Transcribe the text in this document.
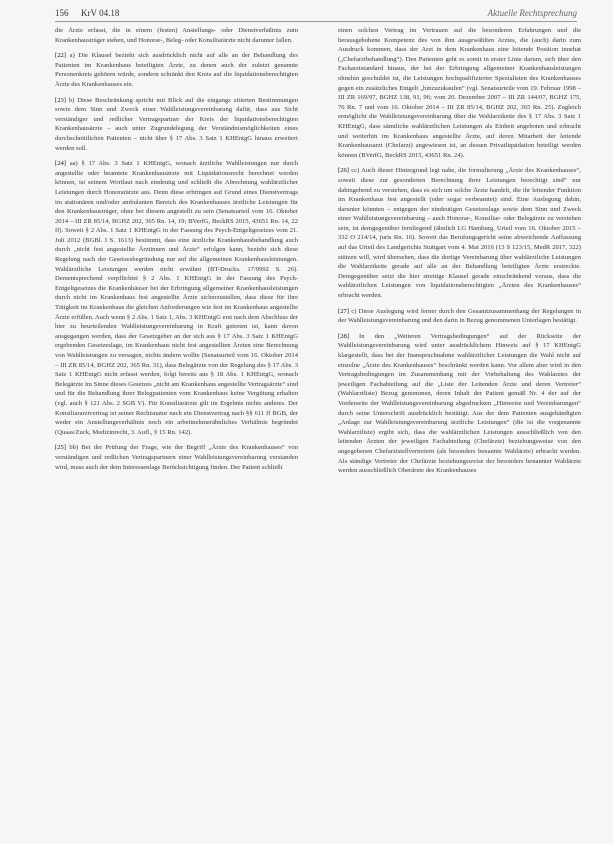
156 KrV 04.18	Aktuelle Rechtsprechung

die Ärzte erfasst, die in einem (festen) Anstellungs- oder Dienstverhältnis zum Krankenhausträger stehen, und Honorar-, Beleg- oder Konsiliarärzte nicht darunter fallen.

[22] a) Die Klausel bezieht sich ausdrücklich nicht auf alle an der Behandlung des Patienten im Krankenhaus beteiligten Ärzte, zu denen auch der zuletzt genannte Personenkreis gehören würde, sondern schränkt den Kreis auf die liquidationsberechtigten Ärzte des Krankenhauses ein.

[23] b) Diese Beschränkung spricht mit Blick auf die eingangs zitierten Bestimmungen sowie dem Sinn und Zweck einer Wahlleistungsvereinbarung dafür, dass aus Sicht verständiger und redlicher Vertragspartner der Kreis der liquidationsberechtigten Krankenhausärzte – auch unter Zugrundelegung der Verständnismöglichkeiten eines durchschnittlichen Patienten – nicht über § 17 Abs. 3 Satz 1 KHEntgG hinaus erweitert werden soll.

[24] aa) § 17 Abs. 3 Satz 1 KHEntgG, wonach ärztliche Wahlleistungen nur durch angestellte oder beamtete Krankenhausärzte mit Liquidationsrecht berechnet werden können, ist seinem Wortlaut nach eindeutig und schließt die Abrechnung wahlärztlicher Leistungen durch Honorarärzte aus. Denn diese erbringen auf Grund eines Dienstvertrags im stationären und/oder ambulanten Bereich des Krankenhauses ärztliche Leistungen für den Krankenhausträger, ohne bei diesem angestellt zu sein (Senatsurteil vom 16. Oktober 2014 – III ZR 85/14, BGHZ 202, 365 Rn. 14, 19; BVerfG, BeckRS 2015, 43651 Rn. 14, 22 ff). Soweit § 2 Abs. 1 Satz 1 KHEntgG in der Fassung des Psych-Entgeltgesetzes vom 21. Juli 2012 (BGBl. I S. 1613) bestimmt, dass eine ärztliche Krankenhausbehandlung auch durch „nicht fest angestellte Ärztinnen und Ärzte“ erfolgen kann, bezieht sich diese Regelung nach der Gesetzesbegründung nur auf die allgemeinen Krankenhausleistungen. Wahlärztliche Leistungen werden nicht erwähnt (BT-Drucks. 17/9992 S. 26). Dementsprechend verpflichtet § 2 Abs. 1 KHEntgG in der Fassung des Psych-Entgeltgesetzes die Krankenhäuser bei der Erbringung allgemeiner Krankenhausleistungen durch nicht im Krankenhaus fest angestellte Ärzte sicherzustellen, dass diese für ihre Tätigkeit im Krankenhaus die gleichen Anforderungen wie fest im Krankenhaus angestellte Ärzte erfüllen. Auch wenn § 2 Abs. 1 Satz 1, Abs. 3 KHEntgG erst nach dem Abschluss der hier zu beurteilenden Wahlleistungsvereinbarung in Kraft getreten ist, kann davon ausgegangen werden, dass der Gesetzgeber an der sich aus § 17 Abs. 3 Satz 1 KHEntgG ergebenden Gesetzeslage, im Krankenhaus nicht fest angestellten Ärzten eine Berechnung von Wahlleistungen zu versagen, nichts ändern wollte (Senatsurteil vom 16. Oktober 2014 – III ZR 85/14, BGHZ 202, 365 Rn. 31), dass Belegärzte von der Regelung des § 17 Abs. 3 Satz 1 KHEntgG nicht erfasst werden, folgt bereits aus § 18 Abs. 1 KHEntgG, wonach Belegärzte im Sinne dieses Gesetzes „nicht am Krankenhaus angestellte Vertragsärzte“ sind und für die Behandlung ihrer Belegpatienten vom Krankenhaus keine Vergütung erhalten (vgl. auch § 121 Abs. 2 SGB V). Für Konsiliarärzte gilt im Ergebnis nichts anderes. Der Konsiliararztvertrag ist seiner Rechtsnatur nach ein Dienstvertrag nach §§ 611 ff BGB, der weder ein Anstellungsverhältnis noch ein arbeitnehmerähnliches Verhältnis begründet (Quaas/Zuck, Medizinrecht, 3. Aufl., § 15 Rn. 142).

[25] bb) Bei der Prüfung der Frage, wie der Begriff „Ärzte des Krankenhauses“ von verständigen und redlichen Vertragspartnern einer Wahlleistungsvereinbarung verstanden wird, muss auch der dem Interessenlage Berücksichtigung finden. Der Patient schließt

einen solchen Vertrag im Vertrauen auf die besonderen Erfahrungen und die herausgehobene Kompetenz des von ihm ausgewählten Arztes, die (auch) darin zum Ausdruck kommen, dass der Arzt in dem Krankenhaus eine leitende Position innehat („Chefarztbehandlung“). Den Patienten geht es somit in erster Linie darum, sich über den Facharztstandard hinaus, der bei der Erbringung allgemeiner Krankenhausleistungen ohnehin geschuldet ist, die Leistungen hochqualifizierter Spezialisten des Krankenhauses gegen ein zusätzliches Entgelt „hinzuzukaufen“ (vgl. Senatsurteile vom 19. Februar 1998 – III ZR 169/97, BGHZ 138, 91, 96; vom 20. Dezember 2007 – III ZR 144/07, BGHZ 175, 76 Rn. 7 und vom 16. Oktober 2014 – III ZR 85/14, BGHZ 202, 365 Rn. 25). Zugleich ermöglicht die Wahlleistungsvereinbarung über die Wahlarztkette des § 17 Abs. 3 Satz 1 KHEntgG, dass sämtliche wahlärztlichen Leistungen als Einheit angeboten und erbracht und weiterhin im Krankenhaus angestellte Ärzte, auf deren Mitarbeit der leitende Krankenhausarzt (Chefarzt) angewiesen ist, an dessen Privatliquidation beteiligt werden können (BVerfG, BeckRS 2015, 43651 Rn. 24).

[26] cc) Auch dieser Hintergrund legt nahe, die formulierung „Ärzte des Krankenhauses“, soweit diese zur gesonderten Berechnung ihrer Leistungen berechtigt sind“ nur dahingehend zu verstehen, dass es sich um solche Ärzte handelt, die ihr leitender Funktion im Krankenhaus fest angestellt (oder sogar verbeamtet) sind. Eine Auslegung dahin, darunter könnten – entgegen der eindeutigen Gesetzeslage sowie dem Sinn und Zweck einer Wahlleistungsvereinbarung – auch Honorar-, Konsiliar- oder Belegärzte zu verstehen sein, ist demgegenüber fernliegend (ähnlich LG Hamburg, Urteil vom 16. Oktober 2015 – 332 O 214/14, juris Rn. 16). Soweit das Berufungsgericht seine abweichende Auffassung auf das Urteil des Landgerichts Stuttgart vom 4. Mai 2016 (13 S 123/15, MedR 2017, 322) stützen will, wird übersehen, dass die dortige Vereinbarung über wahlärztliche Leistungen die Wahlarztkette gerade auf alle an der Behandlung beteiligten Ärzte erstreckte. Demgegenüber setzt die hier streitige Klausel gerade einschränkend voraus, dass die wahlärztlichen Leistungen von liquidationsberechtigten „Ärzten des Krankenhauses“ erbracht werden.

[27] c) Diese Auslegung wird ferner durch den Gesamtzusammenhang der Regelungen in der Wahlleistungsvereinbarung und den darin in Bezug genommenen Unterlagen bestätigt.

[28] In den „Weiteren Vertragsbedingungen“ auf der Rückseite der Wahlleistungsvereinbarung wird unter ausdrücklichem Hinweis auf § 17 KHEntgG klargestellt, dass bei der Inanspruchnahme wahlärztlicher Leistungen die Wahl nicht auf einzelne „Ärzte des Krankenhauses“ beschränkt werden kann. Vor allem aber wird in den Vertragsbedingungen im Zusammenhang mit der Vorbehaltung des Wahlarztes der jeweiligen Fachabteilung auf die „Liste der Leitenden Ärzte und deren Vertreter“ (Wahlarztliste) Bezug genommen, deren Inhalt der Patient gemäß Nr. 4 der auf der Vorderseite der Wahlleistungsvereinbarung abgedruckten „Hinweise und Vereinbarungen“ durch seine Unterschrift ausdrücklich bestätigt. Aus der dem Patienten ausgehändigten „Anlage zur Wahlleistungsvereinbarung ärztliche Leistungen“ (die ist die vorgenannte Wahlarztliste) ergibt sich, dass die wahlärztlichen Leistungen ausschließlich von den leitenden Ärzten der jeweiligen Fachabteilung (Chefärzte) beziehungsweise von den angegebenen Chefarztstellvertretern (als besonders benannte Wahlärzte) erbracht werden. Als ständige Vertreter der Chefärzte beziehungsweise der besonders benannter Wahlärzte werden ausschließlich Oberärzte des Krankenhauses
